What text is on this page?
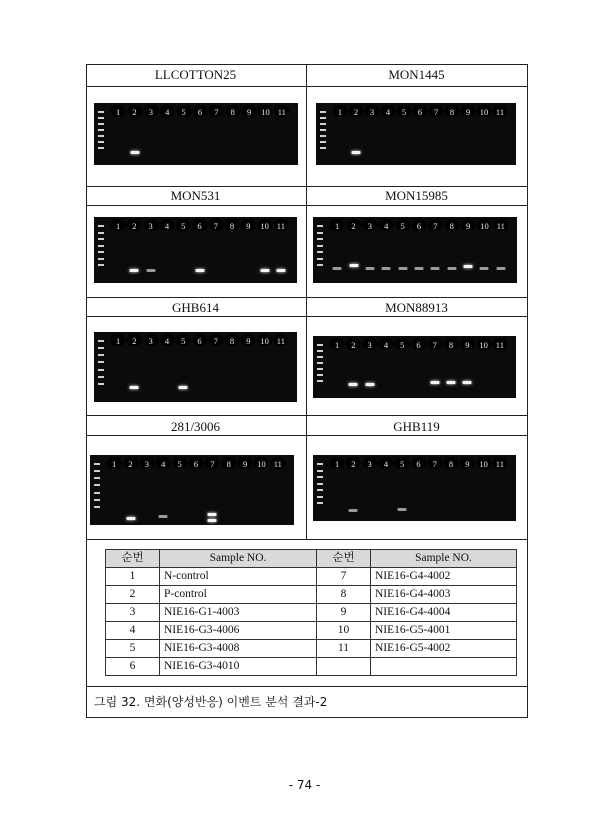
LLCOTTON25	MON1445
MON531	MON15985
GHB614	MON88913
281/3006	GHB119
1 2 3 4 5 6 7 8 9 10 11	1 2 3 4 5 6 7 8 9 10 11
1 2 3 4 5 6 7 8 9 10 11	1 2 3 4 5 6 7 8 9 10 11
1 2 3 4 5 6 7 8 9 10 11	1 2 3 4 5 6 7 8 9 10 11
1 2 3 4 5 6 7 8 9 10 11	1 2 3 4 5 6 7 8 9 10 11
순번	Sample NO.	순번	Sample NO.
1	N-control	7	NIE16-G4-4002
2	P-control	8	NIE16-G4-4003
3	NIE16-G1-4003	9	NIE16-G4-4004
4	NIE16-G3-4006	10	NIE16-G5-4001
5	NIE16-G3-4008	11	NIE16-G5-4002
6	NIE16-G3-4010		
그림 32. 면화(양성반응) 이벤트 분석 결과-2
- 74 -
